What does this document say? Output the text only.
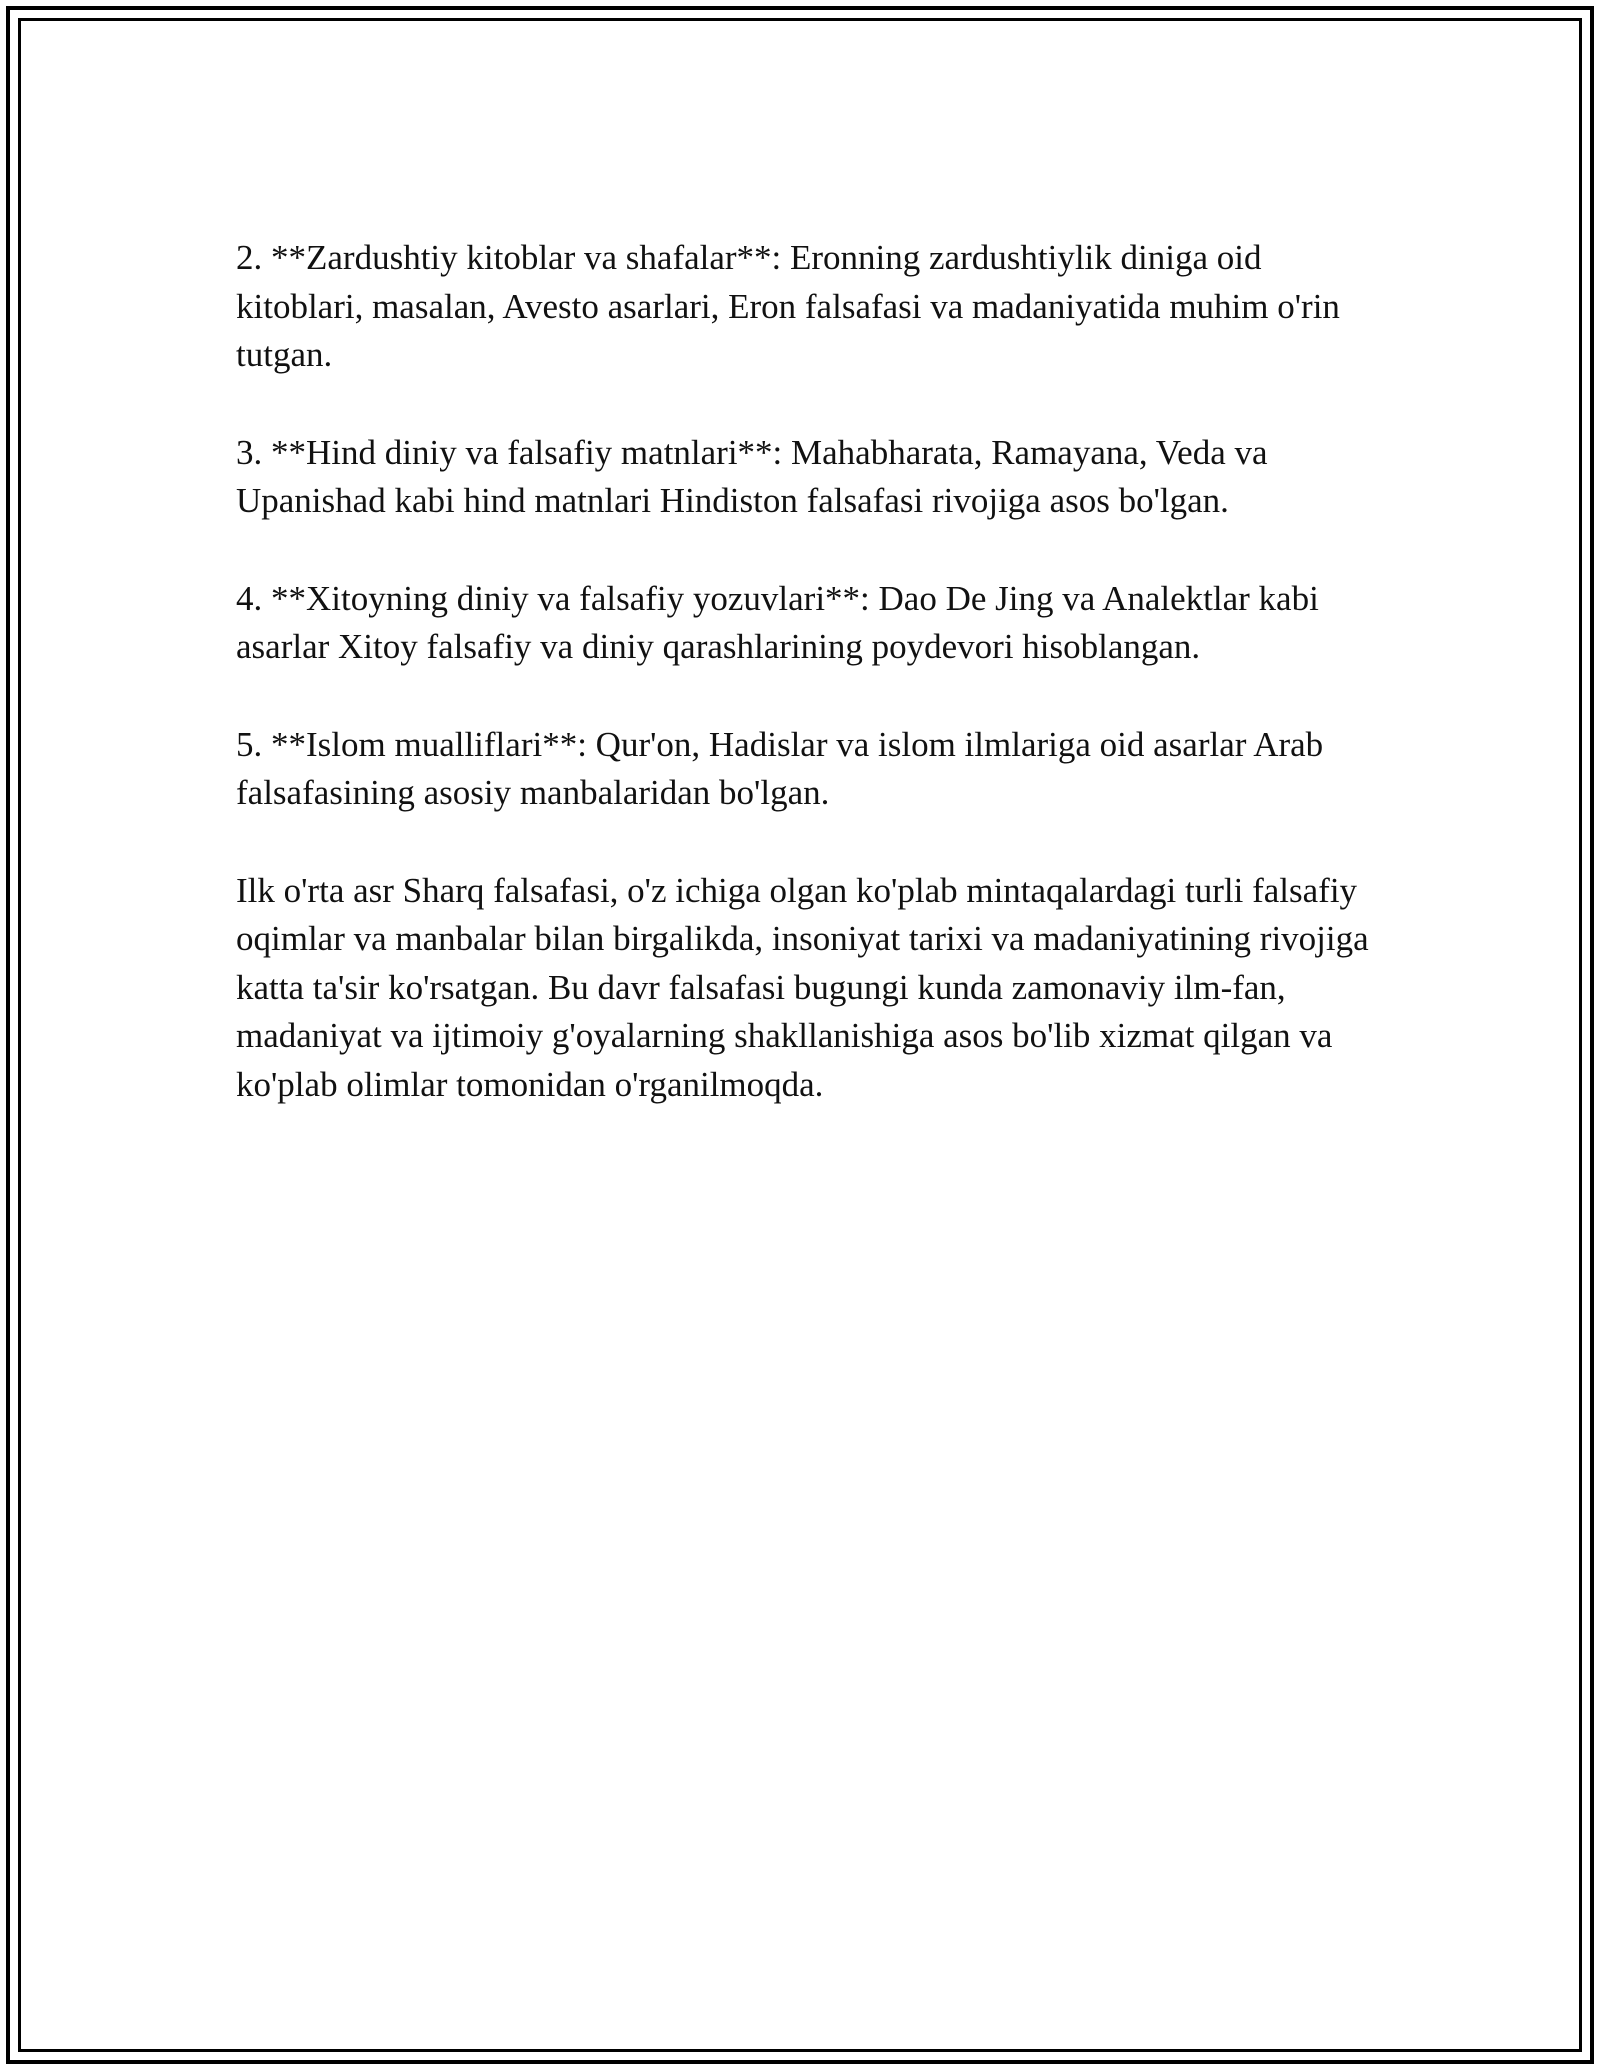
2. **Zardushtiy kitoblar va shafalar**: Eronning zardushtiylik diniga oid kitoblari, masalan, Avesto asarlari, Eron falsafasi va madaniyatida muhim o'rin tutgan.

3. **Hind diniy va falsafiy matnlari**: Mahabharata, Ramayana, Veda va Upanishad kabi hind matnlari Hindiston falsafasi rivojiga asos bo'lgan.

4. **Xitoyning diniy va falsafiy yozuvlari**: Dao De Jing va Analektlar kabi asarlar Xitoy falsafiy va diniy qarashlarining poydevori hisoblangan.

5. **Islom mualliflari**: Qur'on, Hadislar va islom ilmlariga oid asarlar Arab falsafasining asosiy manbalaridan bo'lgan.

Ilk o'rta asr Sharq falsafasi, o'z ichiga olgan ko'plab mintaqalardagi turli falsafiy oqimlar va manbalar bilan birgalikda, insoniyat tarixi va madaniyatining rivojiga katta ta'sir ko'rsatgan. Bu davr falsafasi bugungi kunda zamonaviy ilm-fan, madaniyat va ijtimoiy g'oyalarning shakllanishiga asos bo'lib xizmat qilgan va ko'plab olimlar tomonidan o'rganilmoqda.
